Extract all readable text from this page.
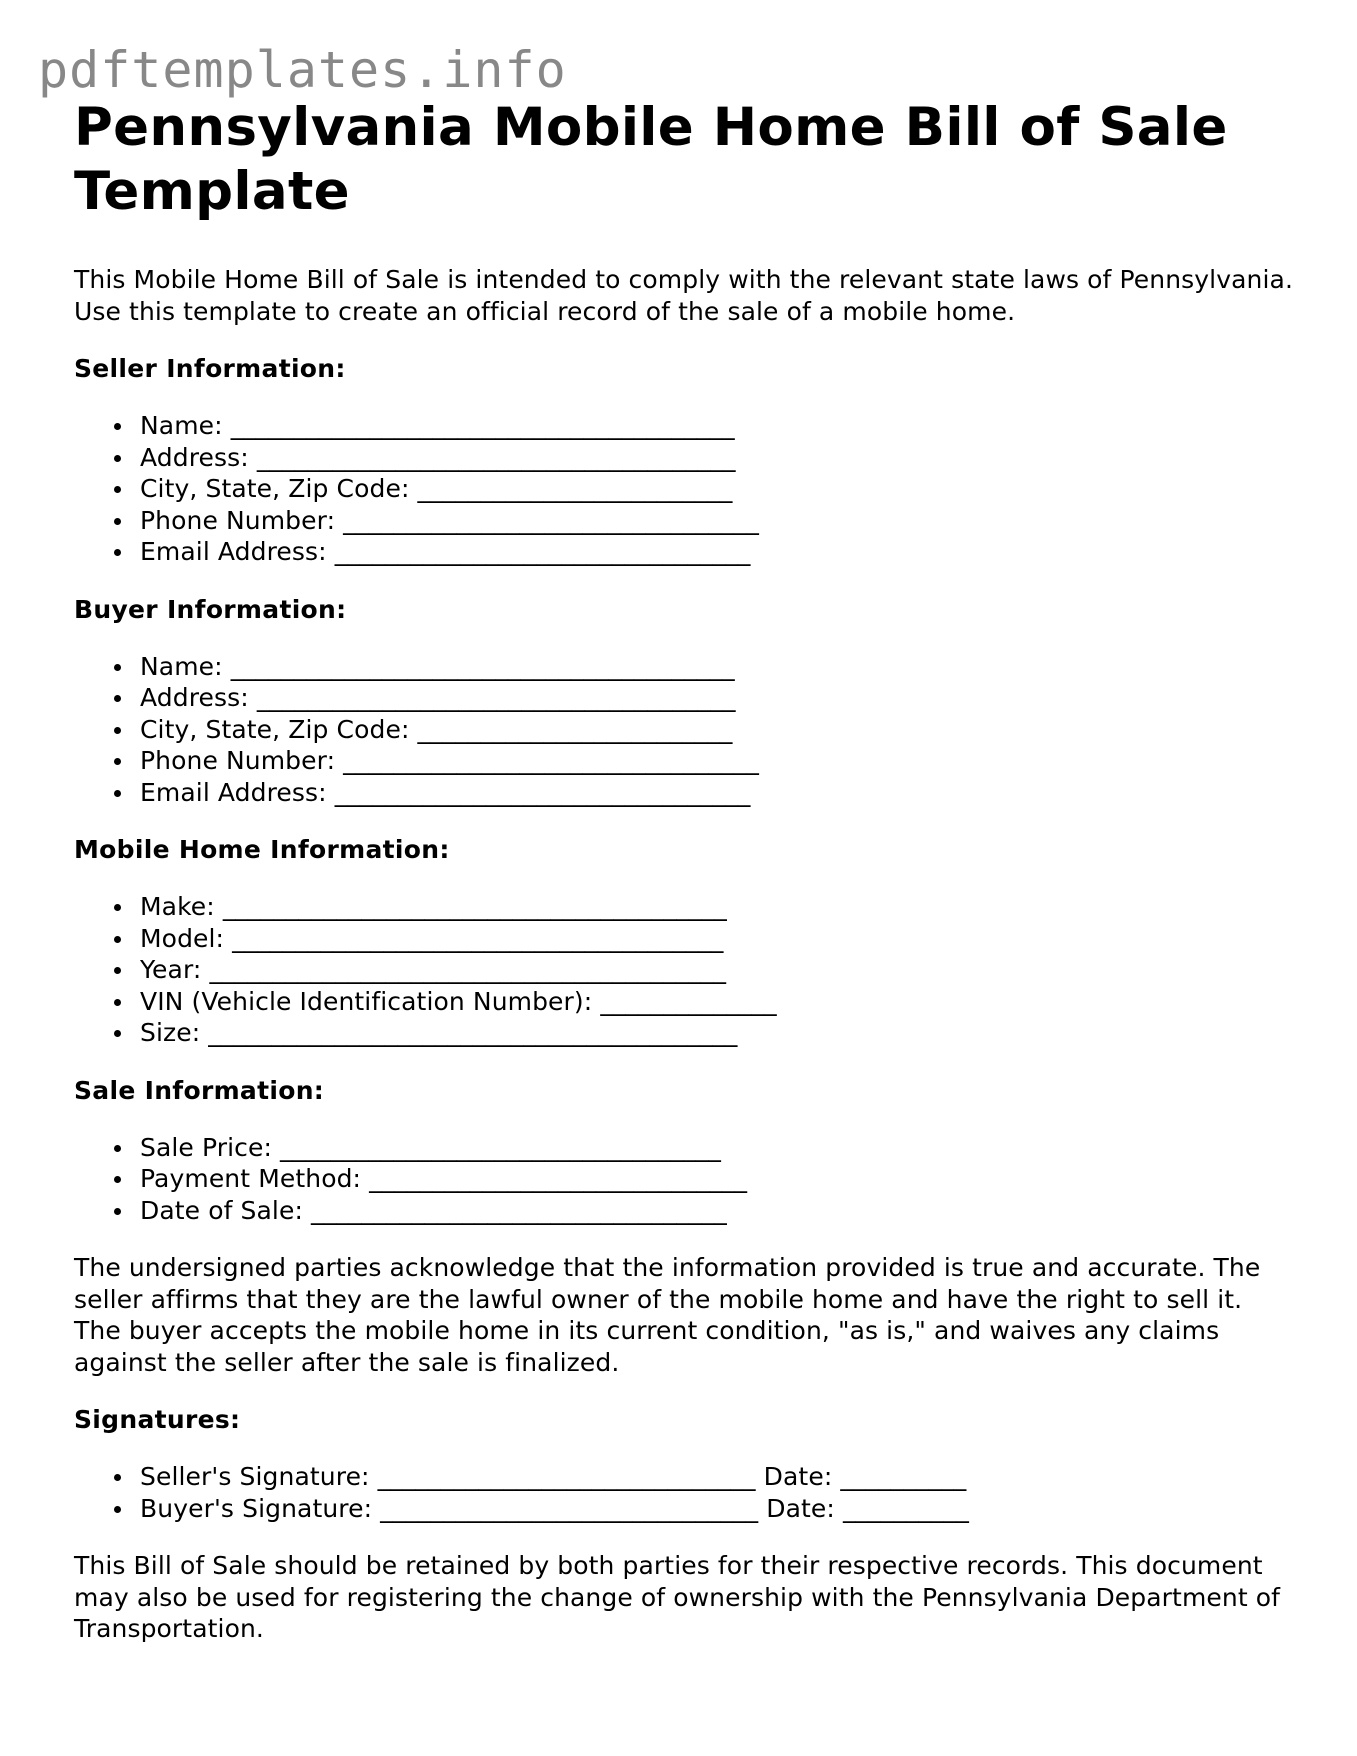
pdftemplates.info
Pennsylvania Mobile Home Bill of Sale Template

This Mobile Home Bill of Sale is intended to comply with the relevant state laws of Pennsylvania. Use this template to create an official record of the sale of a mobile home.

Seller Information:
Name: ________________________________________
Address: ______________________________________
City, State, Zip Code: _________________________
Phone Number: _________________________________
Email Address: _________________________________
Buyer Information:
Name: ________________________________________
Address: ______________________________________
City, State, Zip Code: _________________________
Phone Number: _________________________________
Email Address: _________________________________
Mobile Home Information:
Make: ________________________________________
Model: _______________________________________
Year: _________________________________________
VIN (Vehicle Identification Number): ______________
Size: __________________________________________
Sale Information:
Sale Price: ___________________________________
Payment Method: ______________________________
Date of Sale: _________________________________

The undersigned parties acknowledge that the information provided is true and accurate. The seller affirms that they are the lawful owner of the mobile home and have the right to sell it. The buyer accepts the mobile home in its current condition, "as is," and waives any claims against the seller after the sale is finalized.

Signatures:
Seller's Signature: ______________________________ Date: __________
Buyer's Signature: ______________________________ Date: __________

This Bill of Sale should be retained by both parties for their respective records. This document may also be used for registering the change of ownership with the Pennsylvania Department of Transportation.
